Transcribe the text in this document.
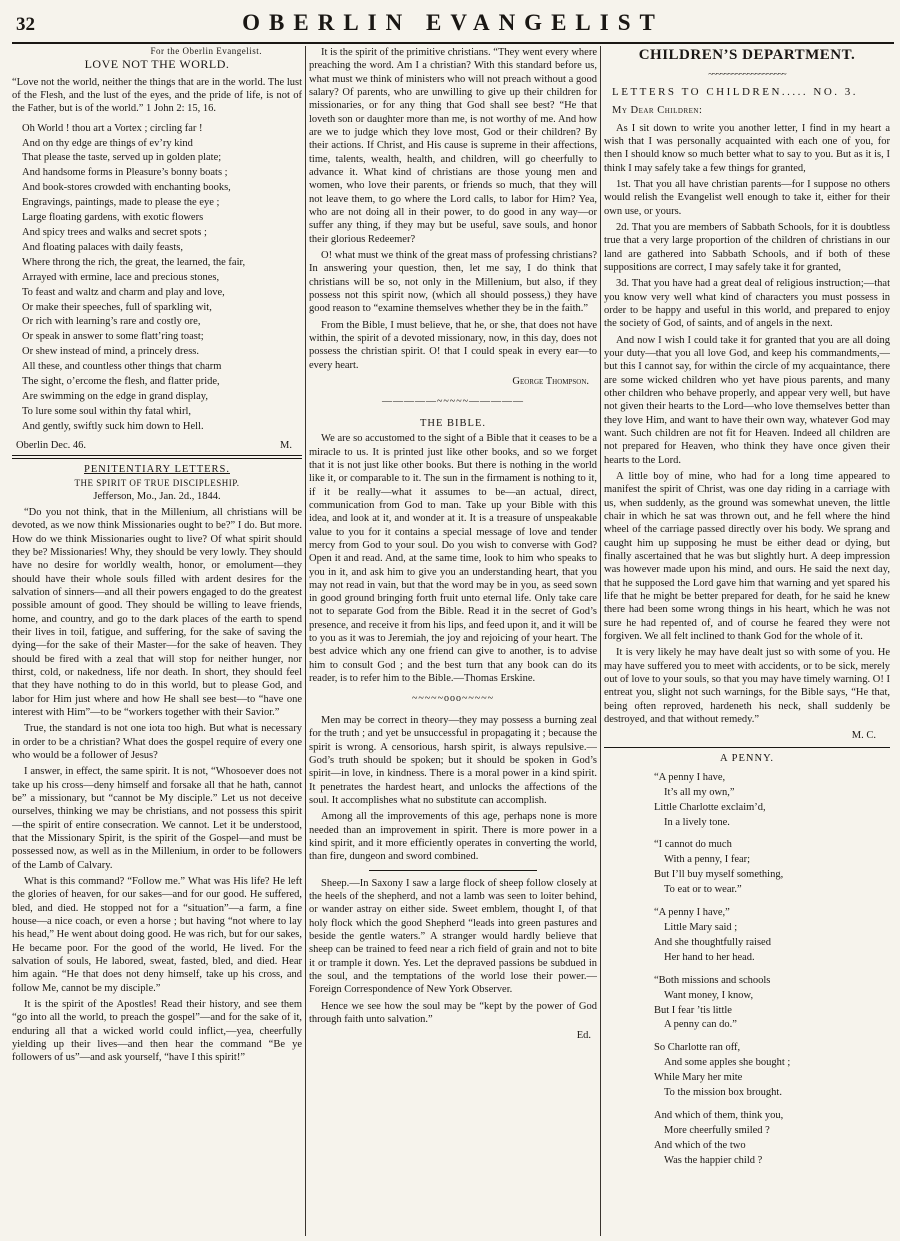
32	OBERLIN EVANGELIST
For the Oberlin Evangelist.
LOVE NOT THE WORLD.

“Love not the world, neither the things that are in the world. The lust of the Flesh, and the lust of the eyes, and the pride of life, is not of the Father, but is of the world.” 1 John 2: 15, 16.

Oh World ! thou art a Vortex ; circling far !
And on thy edge are things of ev’ry kind
That please the taste, served up in golden plate;
And handsome forms in Pleasure’s bonny boats ;
And book-stores crowded with enchanting books,
Engravings, paintings, made to please the eye ;
Large floating gardens, with exotic flowers
And spicy trees and walks and secret spots ;
And floating palaces with daily feasts,
Where throng the rich, the great, the learned, the fair,
Arrayed with ermine, lace and precious stones,
To feast and waltz and charm and play and love,
Or make their speeches, full of sparkling wit,
Or rich with learning’s rare and costly ore,
Or speak in answer to some flatt’ring toast;
Or shew instead of mind, a princely dress.
All these, and countless other things that charm
The sight, o’ercome the flesh, and flatter pride,
Are swimming on the edge in grand display,
To lure some soul within thy fatal whirl,
And gently, swiftly suck him down to Hell.
Oberlin Dec. 46.	M.
PENITENTIARY LETTERS.
THE SPIRIT OF TRUE DISCIPLESHIP.
Jefferson, Mo., Jan. 2d., 1844.

“Do you not think, that in the Millenium, all christians will be devoted, as we now think Missionaries ought to be?” I do. But more. How do we think Missionaries ought to live? Of what spirit should they be? Missionaries! Why, they should be very lowly. They should have no desire for worldly wealth, honor, or emolument—they should have their whole souls filled with ardent desires for the salvation of sinners—and all their powers engaged to do the greatest possible amount of good. They should be willing to leave friends, home, and country, and go to the dark places of the earth to spend their lives in toil, fatigue, and suffering, for the sake of saving the dying—for the sake of their Master—for the sake of heaven. They should be fired with a zeal that will stop for neither hunger, nor thirst, cold, or nakedness, life nor death. In short, they should feel that they have nothing to do in this world, but to please God, and labor for Him just where and how He shall see best—to “have one interest with Him”—to be “workers together with their Savior.”

True, the standard is not one iota too high. But what is necessary in order to be a christian? What does the gospel require of every one who would be a follower of Jesus?

I answer, in effect, the same spirit. It is not, “Whosoever does not take up his cross—deny himself and forsake all that he hath, cannot be” a missionary, but “cannot be My disciple.” Let us not deceive ourselves, thinking we may be christians, and not possess this spirit—the spirit of entire consecration. We cannot. Let it be understood, that the Missionary Spirit, is the spirit of the Gospel—and must be possessed now, as well as in the Millenium, in order to be followers of the Lamb of Calvary.

What is this command? “Follow me.” What was His life? He left the glories of heaven, for our sakes—and for our good. He suffered, bled, and died. He stopped not for a “situation”—a farm, a fine house—a nice coach, or even a horse ; but having “not where to lay his head,” He went about doing good. He was rich, but for our sakes, He became poor. For the good of the world, He lived. For the salvation of souls, He labored, sweat, fasted, bled, and died. Hear him again. “He that does not deny himself, take up his cross, and follow Me, cannot be my disciple.”

It is the spirit of the Apostles! Read their history, and see them “go into all the world, to preach the gospel”—and for the sake of it, enduring all that a wicked world could inflict,—yea, cheerfully yielding up their lives—and then hear the command “Be ye followers of us”—and ask yourself, “have I this spirit!”

It is the spirit of the primitive christians. “They went every where preaching the word. Am I a christian? With this standard before us, what must we think of ministers who will not preach without a good salary? Of parents, who are unwilling to give up their children for missionaries, or for any thing that God shall see best? “He that loveth son or daughter more than me, is not worthy of me. And how are we to judge which they love most, God or their children? By their actions. If Christ, and His cause is supreme in their affections, time, talents, wealth, health, and children, will go cheerfully to advance it. What kind of christians are those young men and women, who love their parents, or friends so much, that they will not leave them, to go where the Lord calls, to labor for Him? Yea, who are not doing all in their power, to do good in any way—or suffer any thing, if they may but be useful, save souls, and honor their glorious Redeemer?

O! what must we think of the great mass of professing christians? In answering your question, then, let me say, I do think that christians will be so, not only in the Millenium, but also, if they possess not this spirit now, (which all should possess,) they have good reason to “examine themselves whether they be in the faith.”

From the Bible, I must believe, that he, or she, that does not have within, the spirit of a devoted missionary, now, in this day, does not possess the christian spirit. O! that I could speak in every ear—to every heart.

George Thompson.
—————~~~~~—————
THE BIBLE.

We are so accustomed to the sight of a Bible that it ceases to be a miracle to us. It is printed just like other books, and so we forget that it is not just like other books. But there is nothing in the world like it, or comparable to it. The sun in the firmament is nothing to it, if it be really—what it assumes to be—an actual, direct, communication from God to man. Take up your Bible with this idea, and look at it, and wonder at it. It is a treasure of unspeakable value to you for it contains a special message of love and tender mercy from God to your soul. Do you wish to converse with God? Open it and read. And, at the same time, look to him who speaks to you in it, and ask him to give you an understanding heart, that you may not read in vain, but that the word may be in you, as seed sown in good ground bringing forth fruit unto eternal life. Only take care not to separate God from the Bible. Read it in the secret of God’s presence, and receive it from his lips, and feed upon it, and it will be to you as it was to Jeremiah, the joy and rejoicing of your heart. The best advice which any one friend can give to another, is to advise him to consult God ; and the best turn that any book can do its reader, is to refer him to the Bible.—Thomas Erskine.

~~~~~ooo~~~~~

Men may be correct in theory—they may possess a burning zeal for the truth ; and yet be unsuccessful in propagating it ; because the spirit is wrong. A censorious, harsh spirit, is always repulsive.—God’s truth should be spoken; but it should be spoken in God’s spirit—in love, in kindness. There is a moral power in a kind spirit. It penetrates the hardest heart, and unlocks the affections of the soul. It accomplishes what no substitute can accomplish.

Among all the improvements of this age, perhaps none is more needed than an improvement in spirit. There is more power in a kind spirit, and it more efficiently operates in converting the world, than fire, dungeon and sword combined.

Sheep.—In Saxony I saw a large flock of sheep follow closely at the heels of the shepherd, and not a lamb was seen to loiter behind, or wander astray on either side. Sweet emblem, thought I, of that holy flock which the good Shepherd “leads into green pastures and beside the gentle waters.” A stranger would hardly believe that sheep can be trained to feed near a rich field of grain and not to bite it or trample it down. Yes. Let the depraved passions be subdued in the soul, and the temptations of the world lose their power.—Foreign Correspondence of New York Observer.

Hence we see how the soul may be “kept by the power of God through faith unto salvation.”

Ed.
CHILDREN’S DEPARTMENT.
~~~~~~~~~~~~~~~~~~~~
LETTERS TO CHILDREN..... NO. 3.
My Dear Children:

As I sit down to write you another letter, I find in my heart a wish that I was personally acquainted with each one of you, for then I should know so much better what to say to you. But as it is, I think I may safely take a few things for granted,

1st. That you all have christian parents—for I suppose no others would relish the Evangelist well enough to take it, either for their own use, or yours.

2d. That you are members of Sabbath Schools, for it is doubtless true that a very large proportion of the children of christians in our land are gathered into Sabbath Schools, and if both of these suppositions are correct, I may safely take it for granted,

3d. That you have had a great deal of religious instruction;—that you know very well what kind of characters you must possess in order to be happy and useful in this world, and prepared to enjoy the society of God, of saints, and of angels in the next.

And now I wish I could take it for granted that you are all doing your duty—that you all love God, and keep his commandments,—but this I cannot say, for within the circle of my acquaintance, there are some wicked children who yet have pious parents, and many other children who behave properly, and appear very well, but have not given their hearts to the Lord—who love themselves better than they love Him, and want to have their own way, whatever God may want. Such children are not fit for Heaven. Indeed all children are not prepared for Heaven, who think they have once given their hearts to the Lord.

A little boy of mine, who had for a long time appeared to manifest the spirit of Christ, was one day riding in a carriage with us, when suddenly, as the ground was somewhat uneven, the little chair in which he sat was thrown out, and he fell where the hind wheel of the carriage passed directly over his body. We sprang and caught him up supposing he must be either dead or dying, but finally ascertained that he was but slightly hurt. A deep impression was however made upon his mind, and ours. He said the next day, that he supposed the Lord gave him that warning and yet spared his life that he might be better prepared for death, for he said he knew there had been some wrong things in his heart, which he was not sure he had repented of, and of course he feared they were not forgiven. We all felt inclined to thank God for the whole of it.

It is very likely he may have dealt just so with some of you. He may have suffered you to meet with accidents, or to be sick, merely out of love to your souls, so that you may have timely warning. O! I entreat you, slight not such warnings, for the Bible says, “He that, being often reproved, hardeneth his neck, shall suddenly be destroyed, and that without remedy.”

M. C.
A PENNY.
“A penny I have,
It’s all my own,”
Little Charlotte exclaim’d,
In a lively tone.
“I cannot do much
With a penny, I fear;
But I’ll buy myself something,
To eat or to wear.”
“A penny I have,”
Little Mary said ;
And she thoughtfully raised
Her hand to her head.
“Both missions and schools
Want money, I know,
But I fear ’tis little
A penny can do.”
So Charlotte ran off,
And some apples she bought ;
While Mary her mite
To the mission box brought.
And which of them, think you,
More cheerfully smiled ?
And which of the two
Was the happier child ?
